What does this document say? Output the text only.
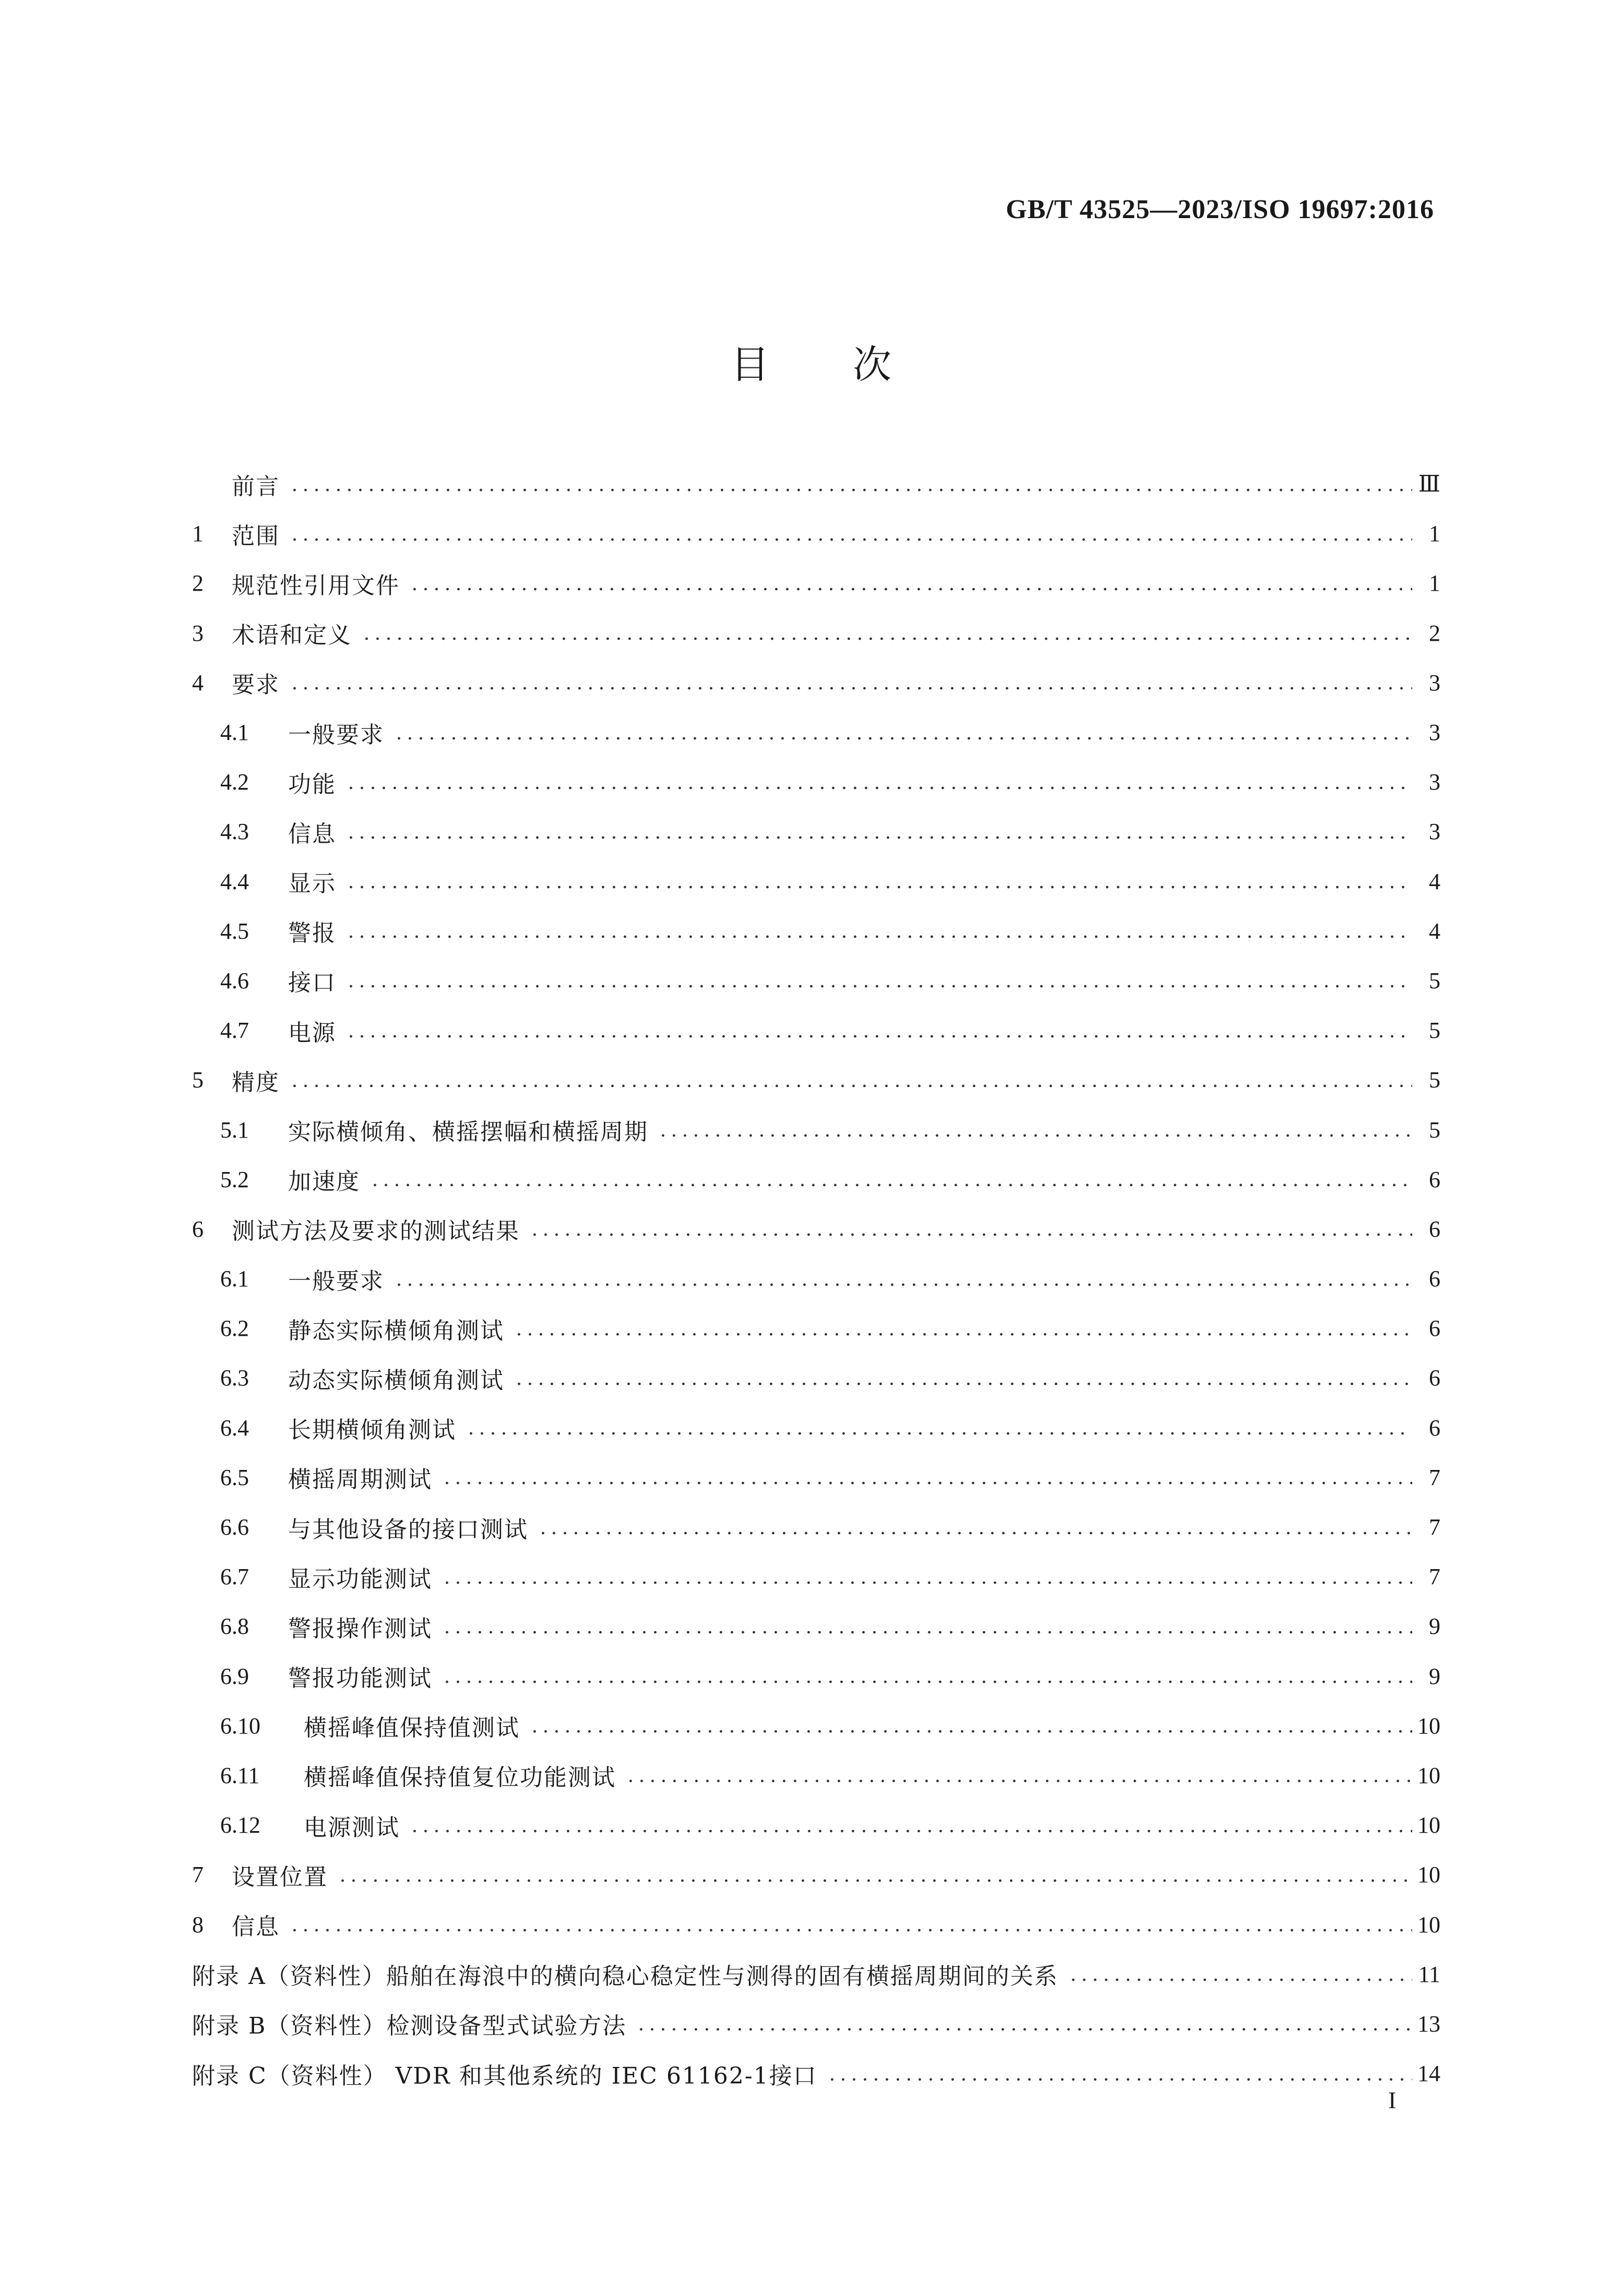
GB/T 43525—2023/ISO 19697:2016
目次
前言	Ⅲ
1	范围	1
2	规范性引用文件	1
3	术语和定义	2
4	要求	3
4.1	一般要求	3
4.2	功能	3
4.3	信息	3
4.4	显示	4
4.5	警报	4
4.6	接口	5
4.7	电源	5
5	精度	5
5.1	实际横倾角、横摇摆幅和横摇周期	5
5.2	加速度	6
6	测试方法及要求的测试结果	6
6.1	一般要求	6
6.2	静态实际横倾角测试	6
6.3	动态实际横倾角测试	6
6.4	长期横倾角测试	6
6.5	横摇周期测试	7
6.6	与其他设备的接口测试	7
6.7	显示功能测试	7
6.8	警报操作测试	9
6.9	警报功能测试	9
6.10	横摇峰值保持值测试	10
6.11	横摇峰值保持值复位功能测试	10
6.12	电源测试	10
7	设置位置	10
8	信息	10
附录 A（资料性）船舶在海浪中的横向稳心稳定性与测得的固有横摇周期间的关系	11
附录 B（资料性）检测设备型式试验方法	13
附录 C（资料性） VDR 和其他系统的 IEC 61162-1接口	14
I
